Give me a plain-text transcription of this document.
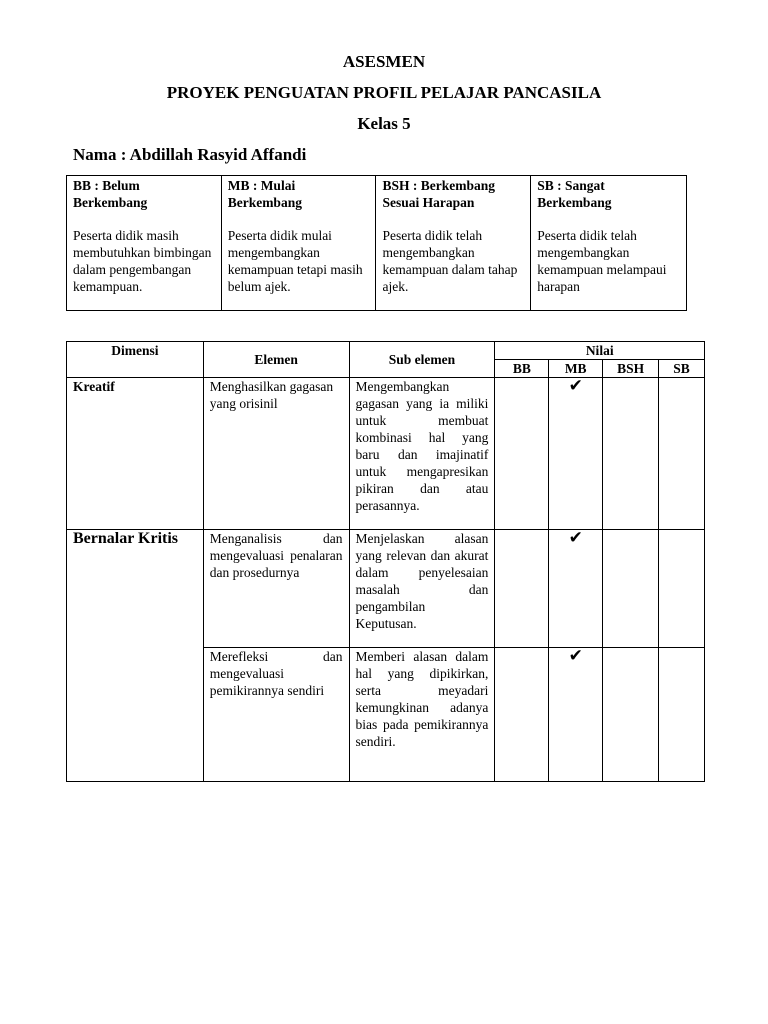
ASESMEN
PROYEK PENGUATAN PROFIL PELAJAR PANCASILA
Kelas 5
Nama : Abdillah Rasyid Affandi
BB : Belum Berkembang
Peserta didik masih membutuhkan bimbingan dalam pengembangan kemampuan.

MB : Mulai Berkembang
Peserta didik mulai mengembangkan kemampuan tetapi masih belum ajek.

BSH : Berkembang Sesuai Harapan
Peserta didik telah mengembangkan kemampuan dalam tahap ajek.

SB : Sangat Berkembang
Peserta didik telah mengembangkan kemampuan melampaui harapan
Dimensi	Elemen	Sub elemen	Nilai			
			BB	MB	BSH	SB
Kreatif	Menghasilkan gagasan yang orisinil	Mengembangkan gagasan yang ia miliki untuk membuat kombinasi hal yang baru dan imajinatif untuk mengapresikan pikiran dan atau perasannya.		✔		
Bernalar Kritis	Menganalisis dan mengevaluasi penalaran dan prosedurnya	Menjelaskan alasan yang relevan dan akurat dalam penyelesaian masalah dan pengambilan Keputusan.		✔		
	Merefleksi dan mengevaluasi pemikirannya sendiri	Memberi alasan dalam hal yang dipikirkan, serta meyadari kemungkinan adanya bias pada pemikirannya sendiri.		✔		
